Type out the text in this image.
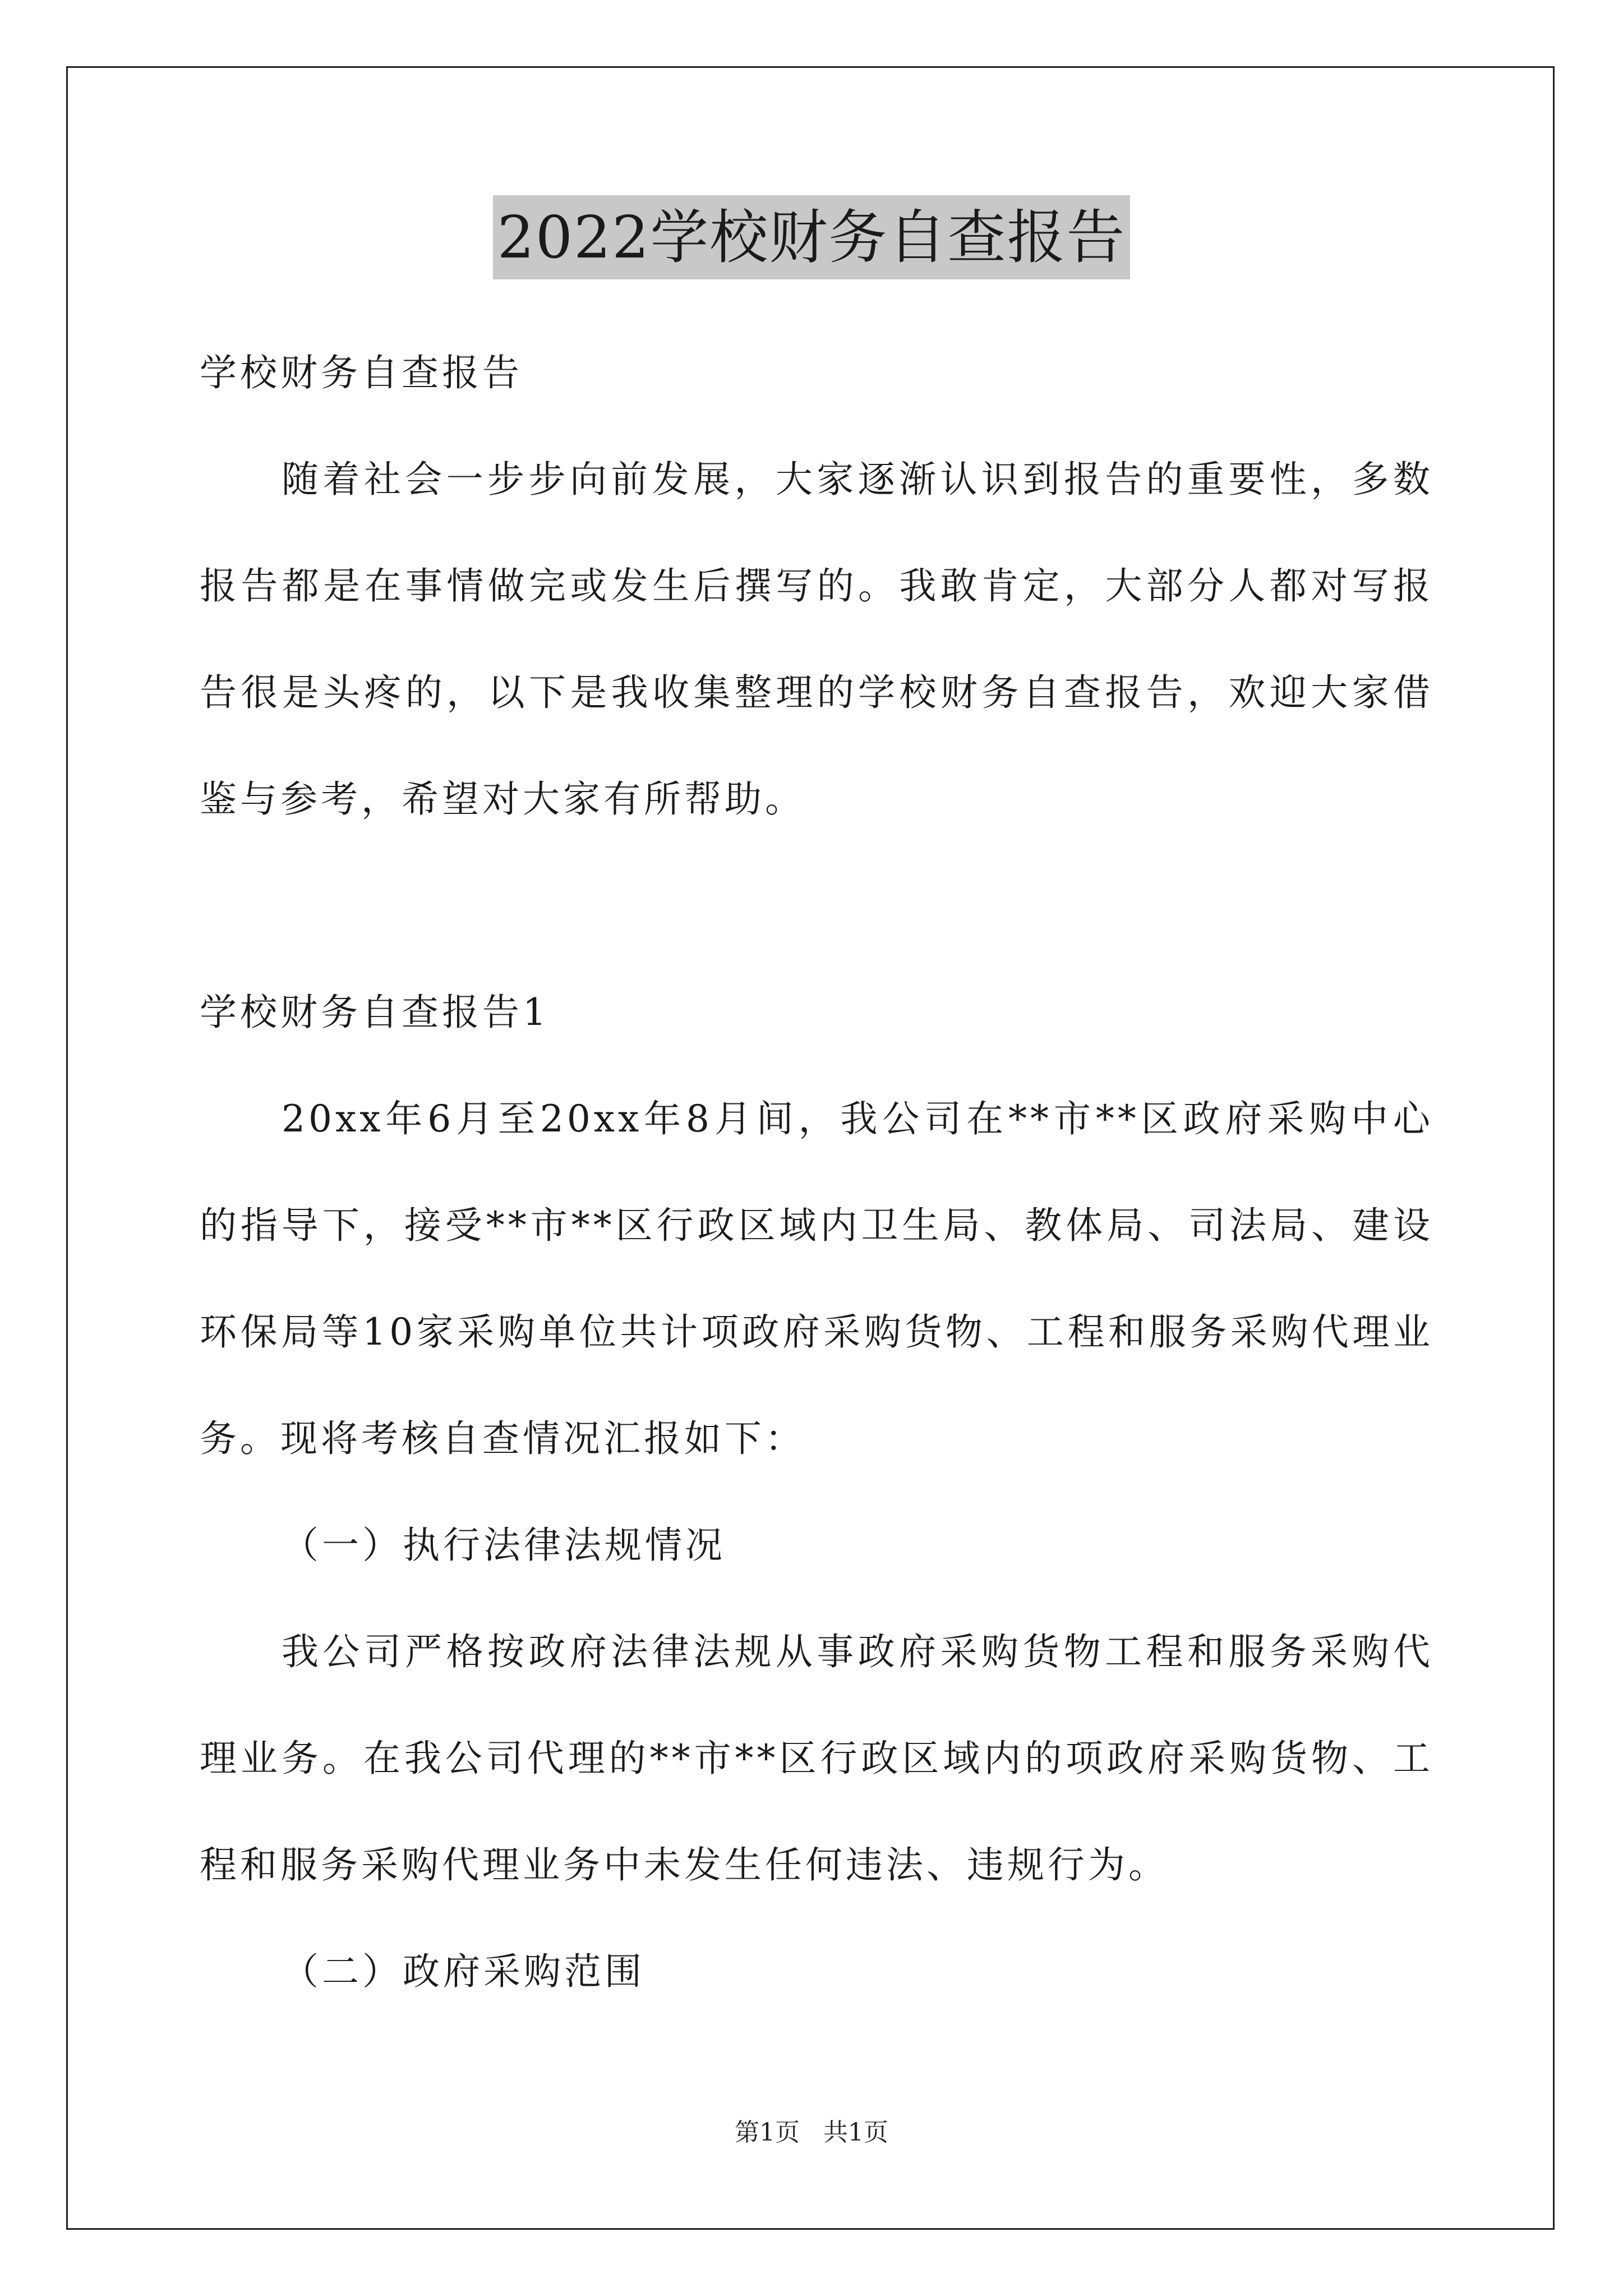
2022学校财务自查报告

学校财务自查报告

随着社会一步步向前发展，大家逐渐认识到报告的重要性，多数报告都是在事情做完或发生后撰写的。我敢肯定，大部分人都对写报告很是头疼的，以下是我收集整理的学校财务自查报告，欢迎大家借鉴与参考，希望对大家有所帮助。

学校财务自查报告1

20xx年6月至20xx年8月间，我公司在**市**区政府采购中心的指导下，接受**市**区行政区域内卫生局、教体局、司法局、建设环保局等10家采购单位共计项政府采购货物、工程和服务采购代理业务。现将考核自查情况汇报如下：

（一）执行法律法规情况

我公司严格按政府法律法规从事政府采购货物工程和服务采购代理业务。在我公司代理的**市**区行政区域内的项政府采购货物、工程和服务采购代理业务中未发生任何违法、违规行为。

（二）政府采购范围

第1页 共1页
